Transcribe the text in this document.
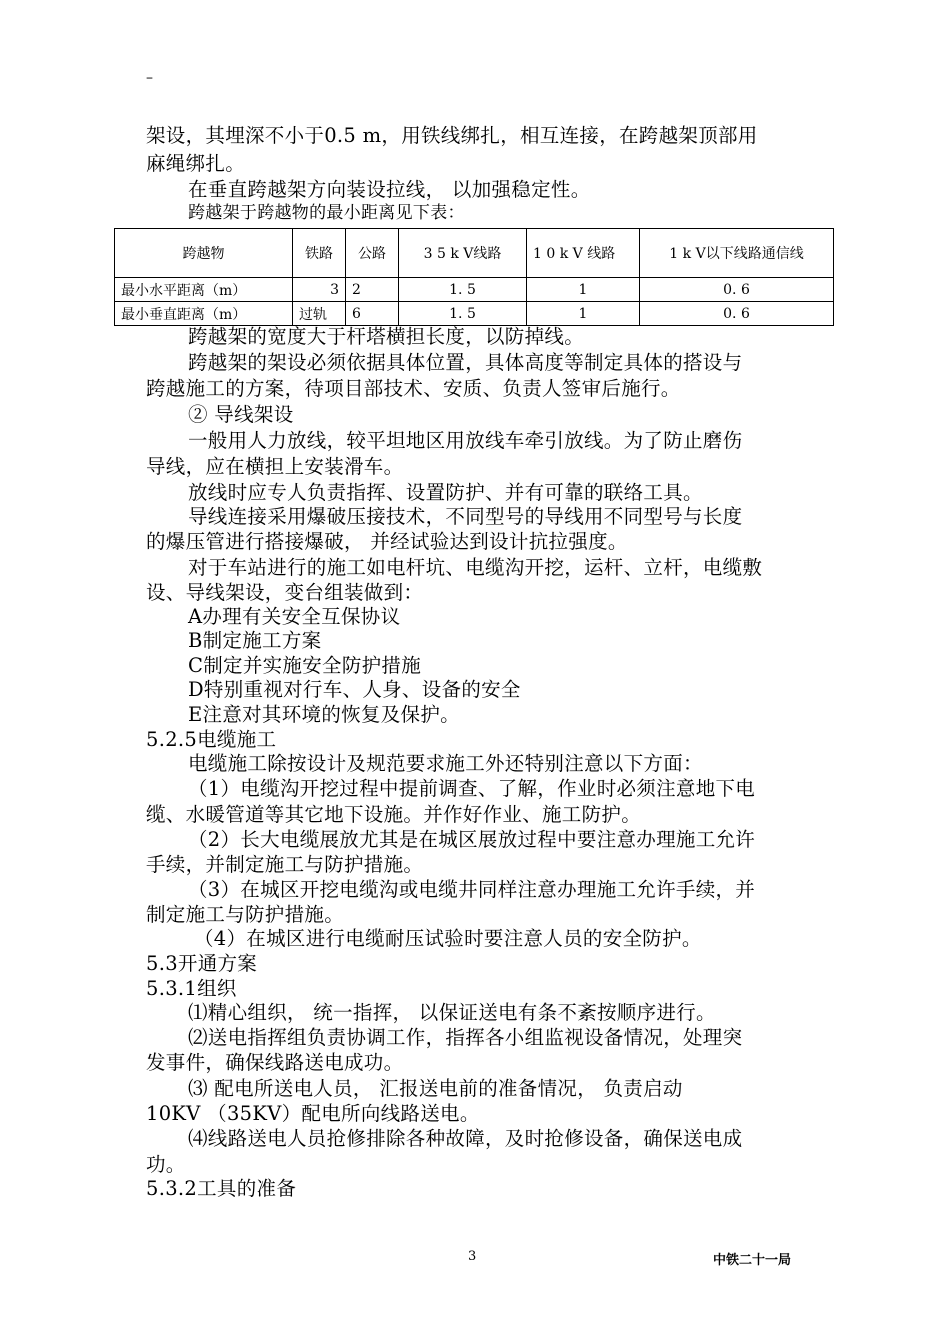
–
架设，其埋深不小于0.5 m，用铁线绑扎，相互连接，在跨越架顶部用
麻绳绑扎。
在垂直跨越架方向装设拉线， 以加强稳定性。
跨越架于跨越物的最小距离见下表：
跨越物	铁路	公路	3 5 k V线路	1 0 k V 线路	1 k V以下线路通信线
最小水平距离（m）	3	2	1. 5	1	0. 6
最小垂直距离（m）	过轨	6	1. 5	1	0. 6
跨越架的宽度大于杆塔横担长度，以防掉线。
跨越架的架设必须依据具体位置，具体高度等制定具体的搭设与
跨越施工的方案，待项目部技术、安质、负责人签审后施行。
② 导线架设
一般用人力放线，较平坦地区用放线车牵引放线。为了防止磨伤
导线，应在横担上安装滑车。
放线时应专人负责指挥、设置防护、并有可靠的联络工具。
导线连接采用爆破压接技术，不同型号的导线用不同型号与长度
的爆压管进行搭接爆破， 并经试验达到设计抗拉强度。
对于车站进行的施工如电杆坑、电缆沟开挖，运杆、立杆，电缆敷
设、导线架设，变台组装做到：
A办理有关安全互保协议
B制定施工方案
C制定并实施安全防护措施
D特别重视对行车、人身、设备的安全
E注意对其环境的恢复及保护。
5.2.5电缆施工
电缆施工除按设计及规范要求施工外还特别注意以下方面：
（1）电缆沟开挖过程中提前调查、了解，作业时必须注意地下电
缆、水暖管道等其它地下设施。并作好作业、施工防护。
（2）长大电缆展放尤其是在城区展放过程中要注意办理施工允许
手续，并制定施工与防护措施。
（3）在城区开挖电缆沟或电缆井同样注意办理施工允许手续，并
制定施工与防护措施。
（4）在城区进行电缆耐压试验时要注意人员的安全防护。
5.3开通方案
5.3.1组织
⑴精心组织， 统一指挥， 以保证送电有条不紊按顺序进行。
⑵送电指挥组负责协调工作，指挥各小组监视设备情况，处理突
发事件，确保线路送电成功。
⑶ 配电所送电人员， 汇报送电前的准备情况， 负责启动
10KV （35KV）配电所向线路送电。
⑷线路送电人员抢修排除各种故障，及时抢修设备，确保送电成
功。
5.3.2工具的准备
3	中铁二十一局
